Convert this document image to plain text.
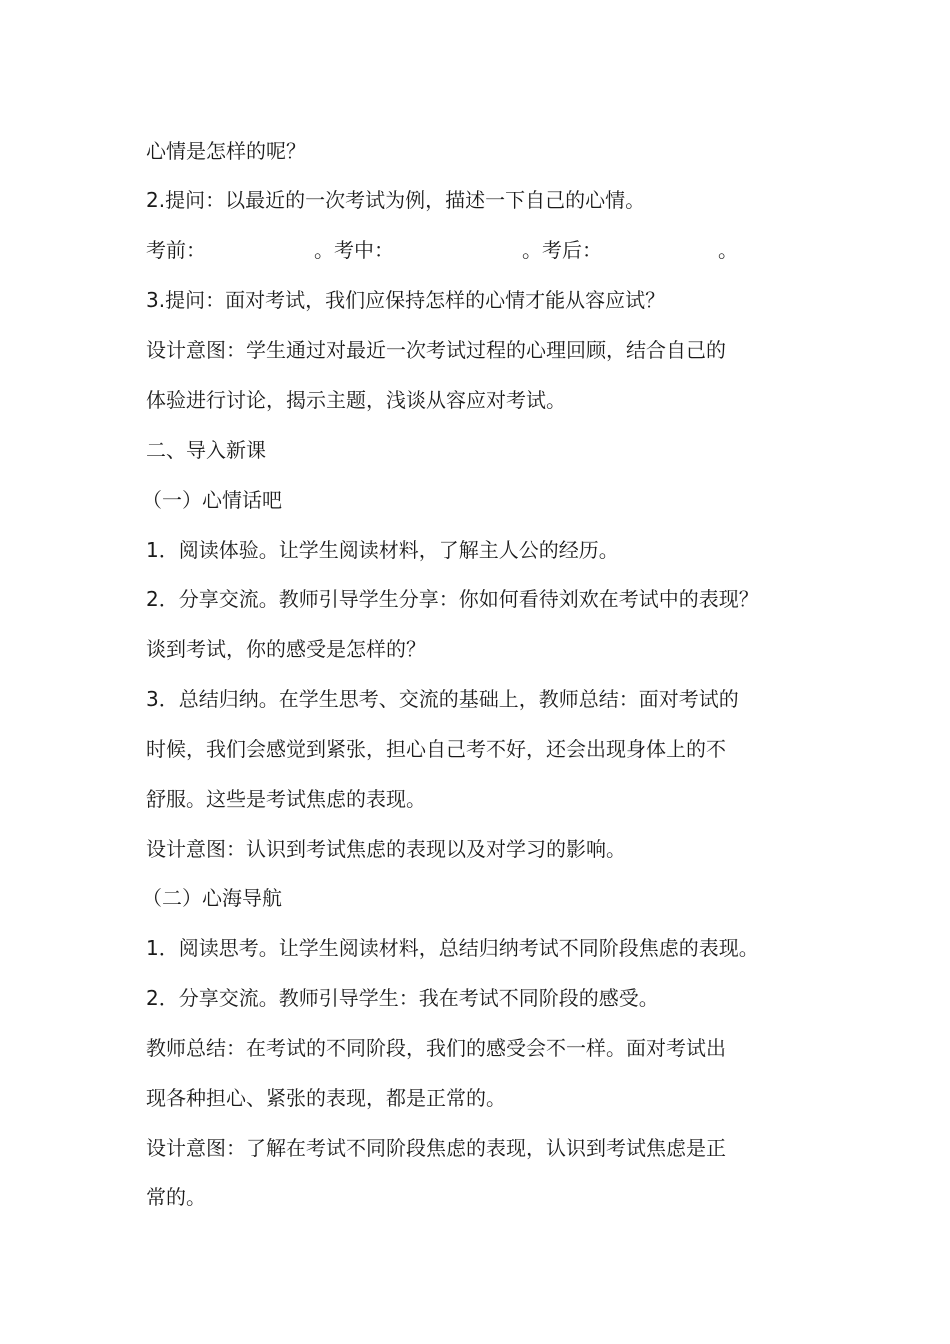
心情是怎样的呢？
2.提问：以最近的一次考试为例，描述一下自己的心情。
考前：	。考中：	。考后：	。
3.提问：面对考试，我们应保持怎样的心情才能从容应试？
设计意图：学生通过对最近一次考试过程的心理回顾，结合自己的
体验进行讨论，揭示主题，浅谈从容应对考试。
二、导入新课
（一）心情话吧
1．阅读体验。让学生阅读材料，了解主人公的经历。
2．分享交流。教师引导学生分享：你如何看待刘欢在考试中的表现？
谈到考试，你的感受是怎样的？
3．总结归纳。在学生思考、交流的基础上，教师总结：面对考试的
时候，我们会感觉到紧张，担心自己考不好，还会出现身体上的不
舒服。这些是考试焦虑的表现。
设计意图：认识到考试焦虑的表现以及对学习的影响。
（二）心海导航
1．阅读思考。让学生阅读材料，总结归纳考试不同阶段焦虑的表现。
2．分享交流。教师引导学生：我在考试不同阶段的感受。
教师总结：在考试的不同阶段，我们的感受会不一样。面对考试出
现各种担心、紧张的表现，都是正常的。
设计意图：了解在考试不同阶段焦虑的表现，认识到考试焦虑是正
常的。
